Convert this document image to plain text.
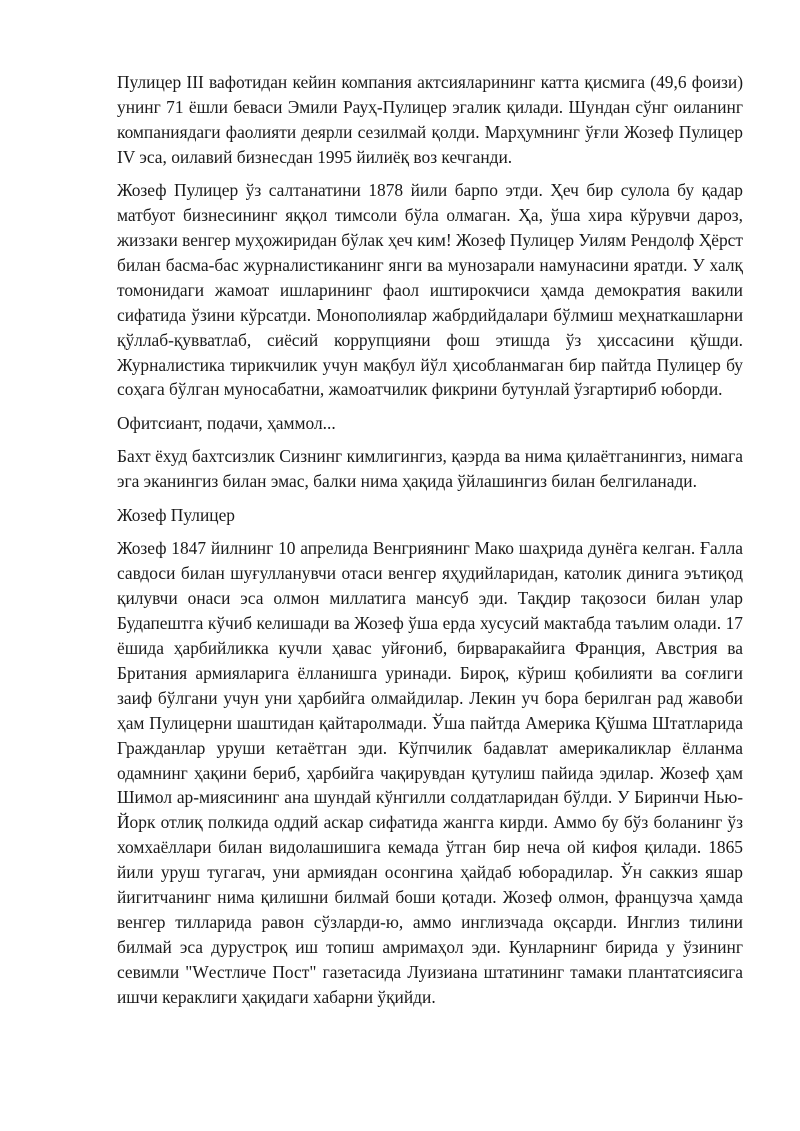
Пулицер III вафотидан кейин компания актсияларининг катта қисмига (49,6 фоизи) унинг 71 ёшли беваси Эмили Рауҳ-Пулицер эгалик қилади. Шундан сўнг оиланинг компаниядаги фаолияти деярли сезилмай қолди. Марҳумнинг ўғли Жозеф Пулицер IV эса, оилавий бизнесдан 1995 йилиёқ воз кечганди.

Жозеф Пулицер ўз салтанатини 1878 йили барпо этди. Ҳеч бир сулола бу қадар матбуот бизнесининг яққол тимсоли бўла олмаган. Ҳа, ўша хира кўрувчи дароз, жиззаки венгер муҳожиридан бўлак ҳеч ким! Жозеф Пулицер Уилям Рендолф Ҳёрст билан басма-бас журналистиканинг янги ва мунозарали намунасини яратди. У халқ томонидаги жамоат ишларининг фаол иштирокчиси ҳамда демократия вакили сифатида ўзини кўрсатди. Монополиялар жабрдийдалари бўлмиш меҳнаткашларни қўллаб-қувватлаб, сиёсий коррупцияни фош этишда ўз ҳиссасини қўшди. Журналистика тирикчилик учун мақбул йўл ҳисобланмаган бир пайтда Пулицер бу соҳага бўлган муносабатни, жамоатчилик фикрини бутунлай ўзгартириб юборди.

Офитсиант, подачи, ҳаммол...

Бахт ёхуд бахтсизлик Сизнинг кимлигингиз, қаэрда ва нима қилаётганингиз, нимага эга эканингиз билан эмас, балки нима ҳақида ўйлашингиз билан белгиланади.

Жозеф Пулицер

Жозеф 1847 йилнинг 10 апрелида Венгриянинг Мако шаҳрида дунёга келган. Ғалла савдоси билан шуғулланувчи отаси венгер яҳудийларидан, католик динига эътиқод қилувчи онаси эса олмон миллатига мансуб эди. Тақдир тақозоси билан улар Будапештга кўчиб келишади ва Жозеф ўша ерда хусусий мактабда таълим олади. 17 ёшида ҳарбийликка кучли ҳавас уйғониб, бирваракайига Франция, Австрия ва Британия армияларига ёлланишга уринади. Бироқ, кўриш қобилияти ва соғлиги заиф бўлгани учун уни ҳарбийга олмайдилар. Лекин уч бора берилган рад жавоби ҳам Пулицерни шаштидан қайтаролмади. Ўша пайтда Америка Қўшма Штатларида Гражданлар уруши кетаётган эди. Кўпчилик бадавлат америкаликлар ёлланма одамнинг ҳақини бериб, ҳарбийга чақирувдан қутулиш пайида эдилар. Жозеф ҳам Шимол ар-миясининг ана шундай кўнгилли солдатларидан бўлди. У Биринчи Нью-Йорк отлиқ полкида оддий аскар сифатида жангга кирди. Аммо бу бўз боланинг ўз хомхаёллари билан видолашишига кемада ўтган бир неча ой кифоя қилади. 1865 йили уруш тугагач, уни армиядан осонгина ҳайдаб юборадилар. Ўн саккиз яшар йигитчанинг нима қилишни билмай боши қотади. Жозеф олмон, французча ҳамда венгер тилларида равон сўзларди-ю, аммо инглизчада оқсарди. Инглиз тилини билмай эса дурустроқ иш топиш амримаҳол эди. Кунларнинг бирида у ўзининг севимли "Wестличе Пост" газетасида Луизиана штатининг тамаки плантатсиясига ишчи кераклиги ҳақидаги хабарни ўқийди.
